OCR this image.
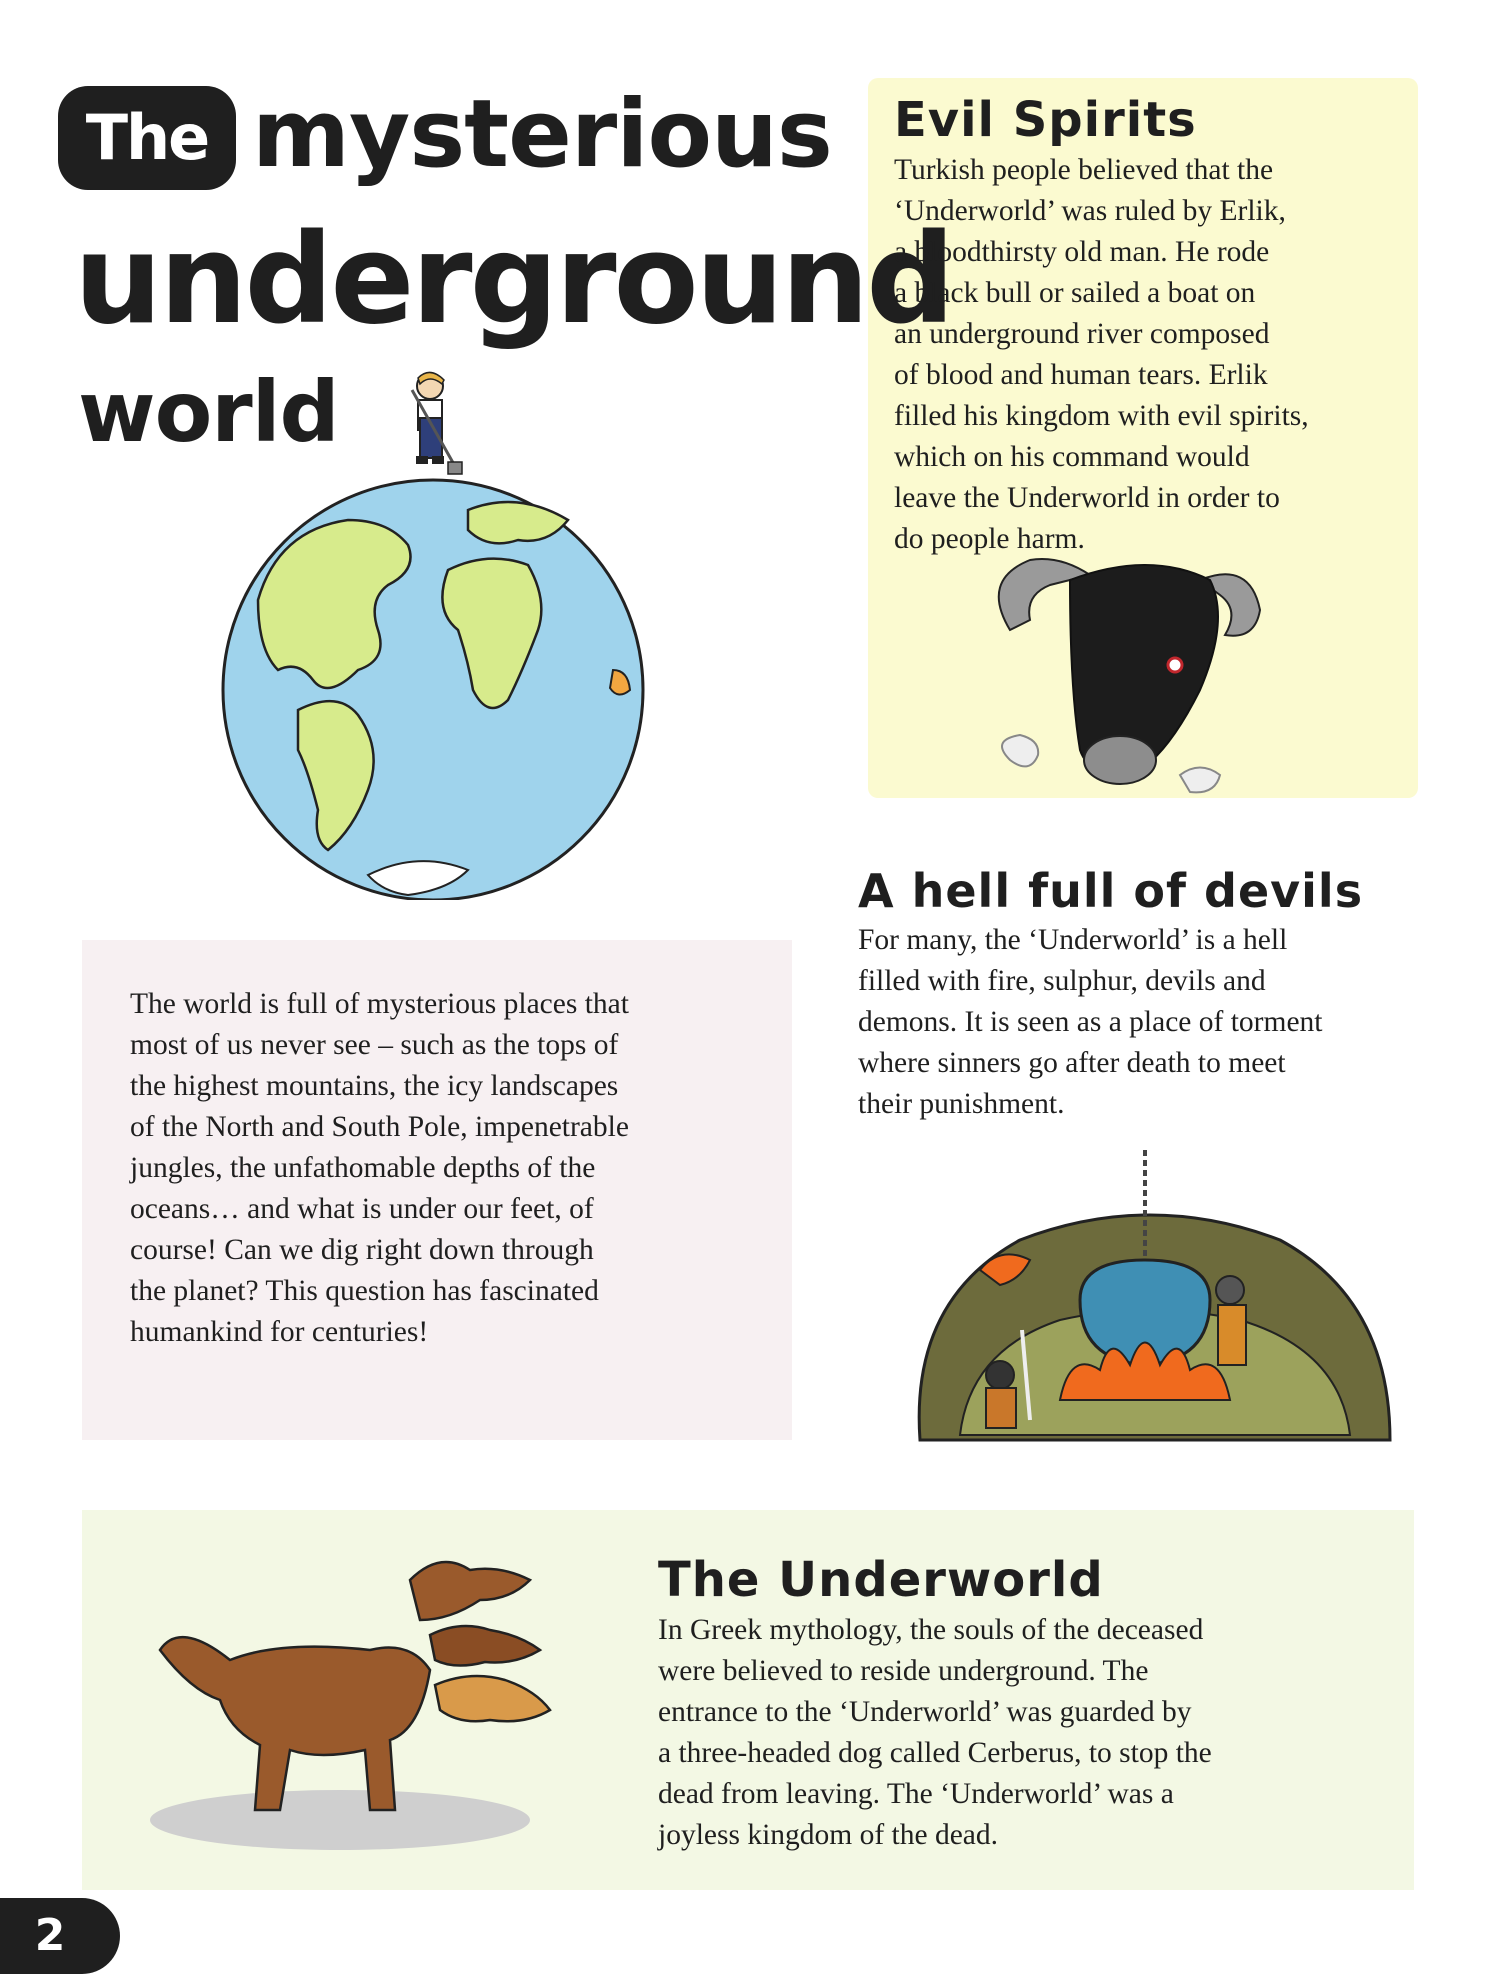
The mysterious
underground
world
Evil Spirits
Turkish people believed that the
‘Underworld’ was ruled by Erlik,
a bloodthirsty old man. He rode
a black bull or sailed a boat on
an underground river composed
of blood and human tears. Erlik
filled his kingdom with evil spirits,
which on his command would
leave the Underworld in order to
do people harm.
A hell full of devils
For many, the ‘Underworld’ is a hell
filled with fire, sulphur, devils and
demons. It is seen as a place of torment
where sinners go after death to meet
their punishment.
The world is full of mysterious places that
most of us never see – such as the tops of
the highest mountains, the icy landscapes
of the North and South Pole, impenetrable
jungles, the unfathomable depths of the
oceans… and what is under our feet, of
course! Can we dig right down through
the planet? This question has fascinated
humankind for centuries!
The Underworld
In Greek mythology, the souls of the deceased
were believed to reside underground. The
entrance to the ‘Underworld’ was guarded by
a three-headed dog called Cerberus, to stop the
dead from leaving. The ‘Underworld’ was a
joyless kingdom of the dead.
2
